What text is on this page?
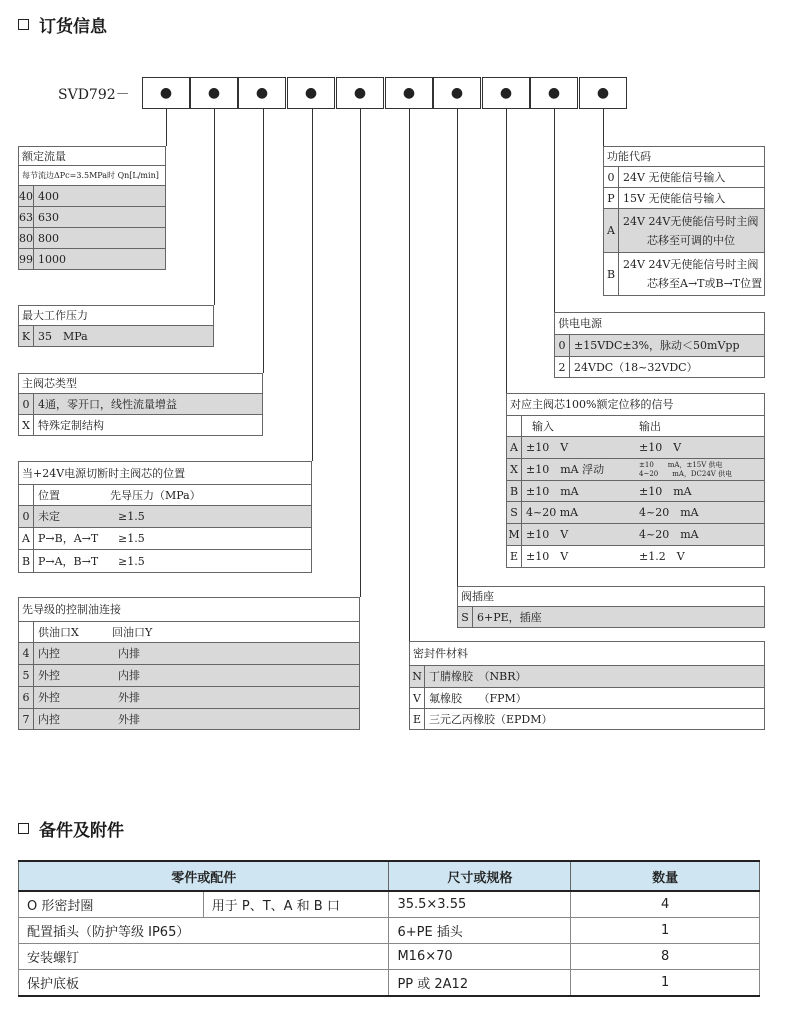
订货信息
SVD792－	●	●	●	●	●	●	●	●	●	●
额定流量
每节流边ΔPc=3.5MPa时 Qn[L/min]
40 400
63 630
80 800
99 1000
最大工作压力
K 35　MPa
主阀芯类型
0 4通，零开口，线性流量增益
X 特殊定制结构
当+24V电源切断时主阀芯的位置
位置	先导压力（MPa）
0 未定	≥1.5
A P→B，A→T	≥1.5
B P→A，B→T	≥1.5
先导级的控制油连接
供油口X	回油口Y
4 内控	内排
5 外控	内排
6 外控	外排
7 内控	外排
密封件材料
N 丁腈橡胶　（NBR）
V 氟橡胶　　（FPM）
E 三元乙丙橡胶（EPDM）
阀插座
S 6+PE，插座
对应主阀芯100%额定位移的信号
输入	输出
A ±10　V	±10　V
X ±10　mA 浮动	±10　　mA，±15V 供电
4~20　　mA，DC24V 供电
B ±10　mA	±10　mA
S 4~20 mA	4~20　mA
M ±10　V	4~20　mA
E ±10　V	±1.2　V
供电电源
0 ±15VDC±3%，脉动＜50mVpp
2 24VDC（18~32VDC）
功能代码
0 24V 无使能信号输入
P 15V 无使能信号输入
A
24V 24V无使能信号时主阀
芯移至可调的中位
B
24V 24V无使能信号时主阀
芯移至A→T或B→T位置
备件及附件
零件或配件		尺寸或规格	数量
O 形密封圈	用于 P、T、A 和 B 口	35.5×3.55	4
配置插头（防护等级 IP65）		6+PE 插头	1
安装螺钉		M16×70	8
保护底板		PP 或 2A12	1
